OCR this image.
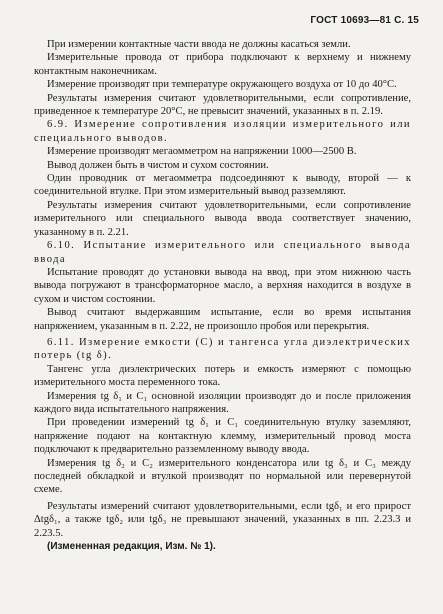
ГОСТ 10693—81 С. 15

При измерении контактные части ввода не должны касаться земли.

Измерительные провода от прибора подключают к верхнему и нижнему контактным наконечникам.

Измерение производят при температуре окружающего воздуха от 10 до 40°С.

Результаты измерения считают удовлетворительными, если сопротивление, приведенное к температуре 20°С, не превысит значений, указанных в п. 2.19.

6.9. Измерение сопротивления изоляции измерительного или специального выводов.

Измерение производят мегаомметром на напряжении 1000—2500 В.

Вывод должен быть в чистом и сухом состоянии.

Один проводник от мегаомметра подсоединяют к выводу, второй — к соединительной втулке. При этом измерительный вывод разземляют.

Результаты измерения считают удовлетворительными, если сопротивление измерительного или специального вывода ввода соответствует значению, указанному в п. 2.21.

6.10. Испытание измерительного или специального вывода ввода

Испытание проводят до установки вывода на ввод, при этом нижнюю часть вывода погружают в трансформаторное масло, а верхняя находится в воздухе в сухом и чистом состоянии.

Вывод считают выдержавшим испытание, если во время испытания напряжением, указанным в п. 2.22, не произошло пробоя или перекрытия.

6.11. Измерение емкости (С) и тангенса угла диэлектрических потерь (tg δ).

Тангенс угла диэлектрических потерь и емкость измеряют с помощью измерительного моста переменного тока.

Измерения tg δ₁ и С₁ основной изоляции производят до и после приложения каждого вида испытательного напряжения.

При проведении измерений tg δ₁ и С₁ соединительную втулку заземляют, напряжение подают на контактную клемму, измерительный провод моста подключают к предварительно разземленному выводу ввода.

Измерения tg δ₂ и С₂ измерительного конденсатора или tg δ₃ и С₃ между последней обкладкой и втулкой производят по нормальной или перевернутой схеме.

Результаты измерений считают удовлетворительными, если tgδ₁ и его прирост Δtgδ₁, а также tgδ₂ или tgδ₃ не превышают значений, указанных в пп. 2.23.3 и 2.23.5.

(Измененная редакция, Изм. № 1).
